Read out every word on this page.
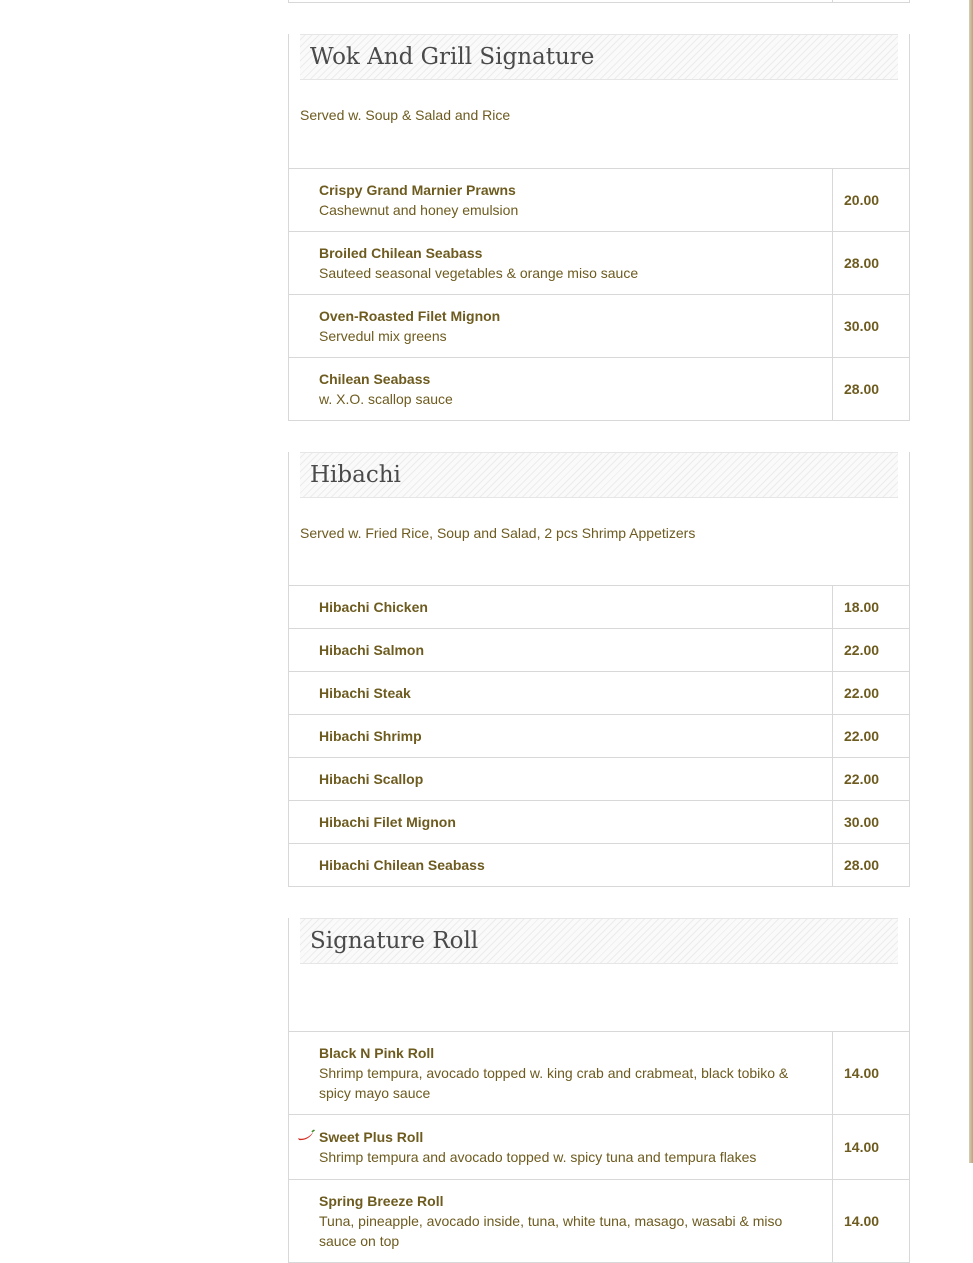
Wok And Grill Signature
Served w. Soup & Salad and Rice
Crispy Grand Marnier Prawns
Cashewnut and honey emulsion
20.00
Broiled Chilean Seabass
Sauteed seasonal vegetables & orange miso sauce
28.00
Oven-Roasted Filet Mignon
Servedul mix greens
30.00
Chilean Seabass
w. X.O. scallop sauce
28.00
Hibachi
Served w. Fried Rice, Soup and Salad, 2 pcs Shrimp Appetizers
Hibachi Chicken	18.00
Hibachi Salmon	22.00
Hibachi Steak	22.00
Hibachi Shrimp	22.00
Hibachi Scallop	22.00
Hibachi Filet Mignon	30.00
Hibachi Chilean Seabass	28.00
Signature Roll
Black N Pink Roll
Shrimp tempura, avocado topped w. king crab and crabmeat, black tobiko & spicy mayo sauce
14.00
Sweet Plus Roll
Shrimp tempura and avocado topped w. spicy tuna and tempura flakes
14.00
Spring Breeze Roll
Tuna, pineapple, avocado inside, tuna, white tuna, masago, wasabi & miso sauce on top
14.00
